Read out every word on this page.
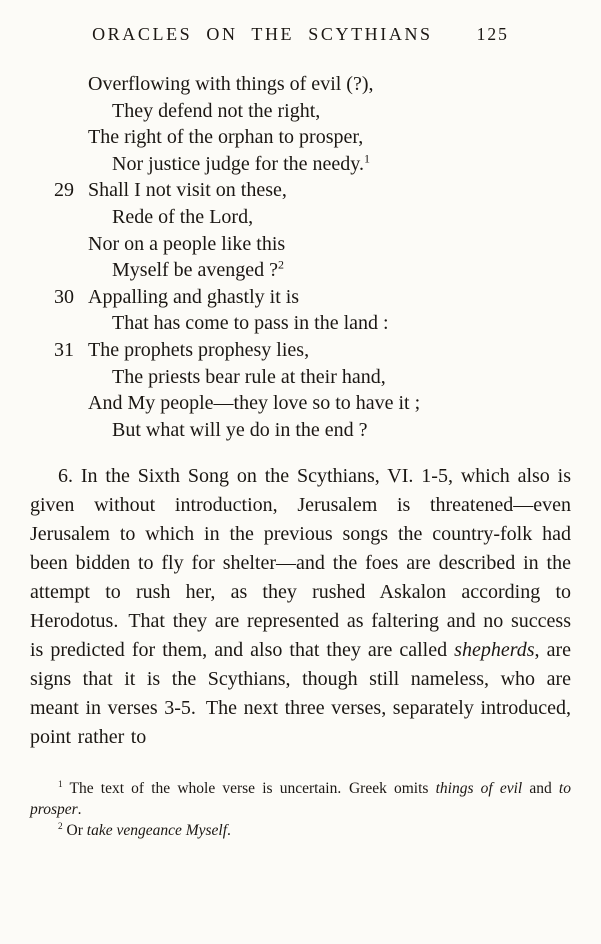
ORACLES ON THE SCYTHIANS	125
Overflowing with things of evil (?),
They defend not the right,
The right of the orphan to prosper,
Nor justice judge for the needy.$^1$
29 Shall I not visit on these,
Rede of the Lord,
Nor on a people like this
Myself be avenged ?$^2$
30 Appalling and ghastly it is
That has come to pass in the land :
31 The prophets prophesy lies,
The priests bear rule at their hand,
And My people—they love so to have it ;
But what will ye do in the end ?

6. In the Sixth Song on the Scythians, VI. 1-5, which also is given without introduction, Jerusalem is threatened—even Jerusalem to which in the previous songs the country-folk had been bidden to fly for shelter—and the foes are described in the attempt to rush her, as they rushed Askalon according to Herodotus. That they are represented as faltering and no success is predicted for them, and also that they are called shepherds, are signs that it is the Scythians, though still nameless, who are meant in verses 3-5. The next three verses, separately introduced, point rather to

$^1$ The text of the whole verse is uncertain. Greek omits things of evil and to prosper.

$^2$ Or take vengeance Myself.
